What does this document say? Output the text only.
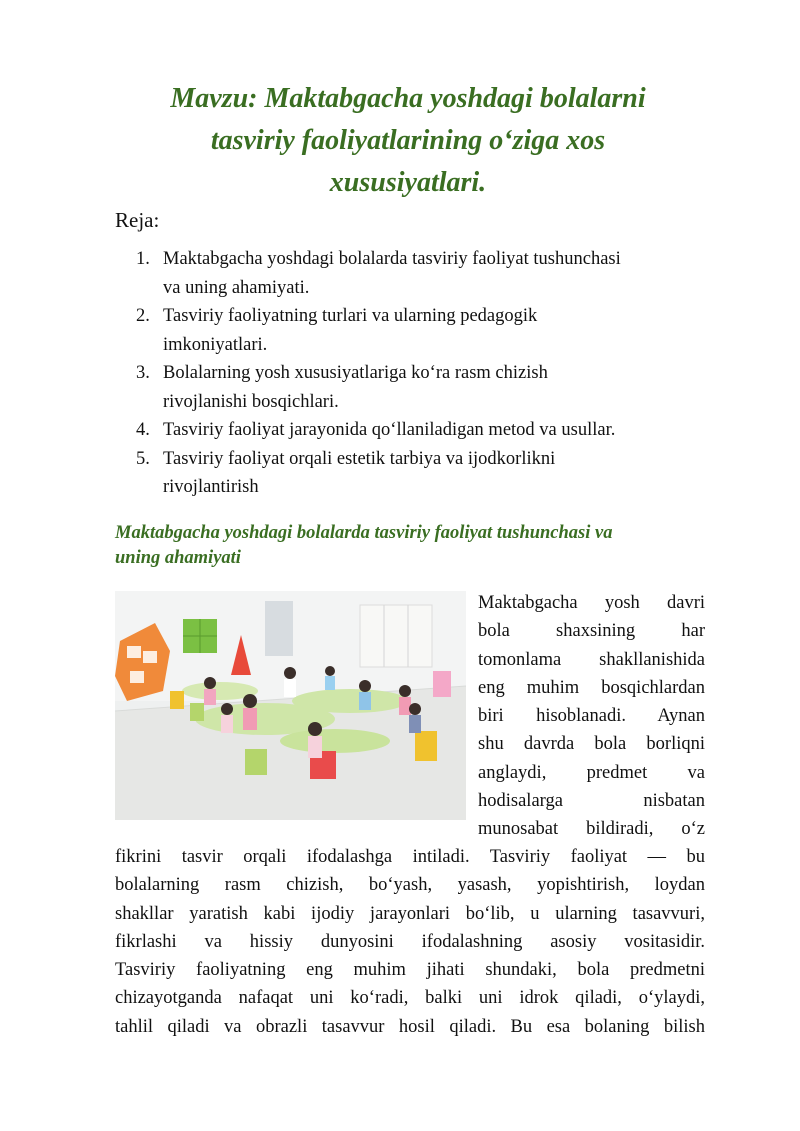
Mavzu: Maktabgacha yoshdagi bolalarni
tasviriy faoliyatlarining o‘ziga xos
xususiyatlari.

Reja:

1. Maktabgacha yoshdagi bolalarda tasviriy faoliyat tushunchasi
va uning ahamiyati.
2. Tasviriy faoliyatning turlari va ularning pedagogik
imkoniyatlari.
3. Bolalarning yosh xususiyatlariga ko‘ra rasm chizish
rivojlanishi bosqichlari.
4. Tasviriy faoliyat jarayonida qo‘llaniladigan metod va usullar.
5. Tasviriy faoliyat orqali estetik tarbiya va ijodkorlikni
rivojlantirish
Maktabgacha yoshdagi bolalarda tasviriy faoliyat tushunchasi va
uning ahamiyati

Maktabgacha yosh davri
bola shaxsining har
tomonlama shakllanishida
eng muhim bosqichlardan
biri hisoblanadi. Aynan
shu davrda bola borliqni
anglaydi, predmet va
hodisalarga nisbatan
munosabat bildiradi, o‘z

fikrini tasvir orqali ifodalashga intiladi. Tasviriy faoliyat — bu
bolalarning rasm chizish, bo‘yash, yasash, yopishtirish, loydan
shakllar yaratish kabi ijodiy jarayonlari bo‘lib, u ularning tasavvuri,
fikrlashi va hissiy dunyosini ifodalashning asosiy vositasidir.
Tasviriy faoliyatning eng muhim jihati shundaki, bola predmetni
chizayotganda nafaqat uni ko‘radi, balki uni idrok qiladi, o‘ylaydi,
tahlil qiladi va obrazli tasavvur hosil qiladi. Bu esa bolaning bilish
